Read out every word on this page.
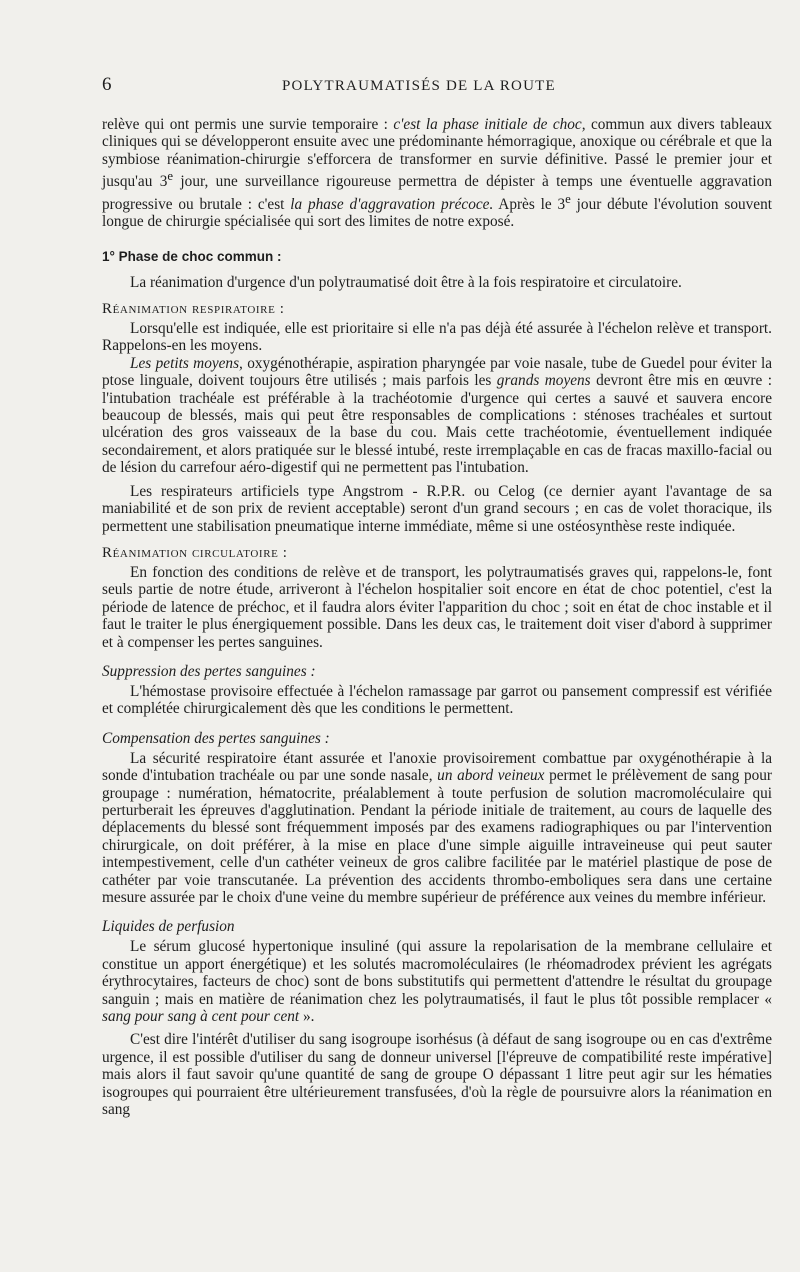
6	POLYTRAUMATISÉS DE LA ROUTE

relève qui ont permis une survie temporaire : c'est la phase initiale de choc, commun aux divers tableaux cliniques qui se développeront ensuite avec une prédominante hémorragique, anoxique ou cérébrale et que la symbiose réanimation-chirurgie s'efforcera de transformer en survie définitive. Passé le premier jour et jusqu'au 3e jour, une surveillance rigoureuse permettra de dépister à temps une éventuelle aggravation progressive ou brutale : c'est la phase d'aggravation précoce. Après le 3e jour débute l'évolution souvent longue de chirurgie spécialisée qui sort des limites de notre exposé.

1° Phase de choc commun :

La réanimation d'urgence d'un polytraumatisé doit être à la fois respiratoire et circulatoire.

Réanimation respiratoire :

Lorsqu'elle est indiquée, elle est prioritaire si elle n'a pas déjà été assurée à l'échelon relève et transport. Rappelons-en les moyens.

Les petits moyens, oxygénothérapie, aspiration pharyngée par voie nasale, tube de Guedel pour éviter la ptose linguale, doivent toujours être utilisés ; mais parfois les grands moyens devront être mis en œuvre : l'intubation trachéale est préférable à la trachéotomie d'urgence qui certes a sauvé et sauvera encore beaucoup de blessés, mais qui peut être responsables de complications : sténoses trachéales et surtout ulcération des gros vaisseaux de la base du cou. Mais cette trachéotomie, éventuellement indiquée secondairement, et alors pratiquée sur le blessé intubé, reste irremplaçable en cas de fracas maxillo-facial ou de lésion du carrefour aéro-digestif qui ne permettent pas l'intubation.

Les respirateurs artificiels type Angstrom - R.P.R. ou Celog (ce dernier ayant l'avantage de sa maniabilité et de son prix de revient acceptable) seront d'un grand secours ; en cas de volet thoracique, ils permettent une stabilisation pneumatique interne immédiate, même si une ostéosynthèse reste indiquée.

Réanimation circulatoire :

En fonction des conditions de relève et de transport, les polytraumatisés graves qui, rappelons-le, font seuls partie de notre étude, arriveront à l'échelon hospitalier soit encore en état de choc potentiel, c'est la période de latence de préchoc, et il faudra alors éviter l'apparition du choc ; soit en état de choc instable et il faut le traiter le plus énergiquement possible. Dans les deux cas, le traitement doit viser d'abord à supprimer et à compenser les pertes sanguines.

Suppression des pertes sanguines :

L'hémostase provisoire effectuée à l'échelon ramassage par garrot ou pansement compressif est vérifiée et complétée chirurgicalement dès que les conditions le permettent.

Compensation des pertes sanguines :

La sécurité respiratoire étant assurée et l'anoxie provisoirement combattue par oxygénothérapie à la sonde d'intubation trachéale ou par une sonde nasale, un abord veineux permet le prélèvement de sang pour groupage : numération, hématocrite, préalablement à toute perfusion de solution macromoléculaire qui perturberait les épreuves d'agglutination. Pendant la période initiale de traitement, au cours de laquelle des déplacements du blessé sont fréquemment imposés par des examens radiographiques ou par l'intervention chirurgicale, on doit préférer, à la mise en place d'une simple aiguille intraveineuse qui peut sauter intempestivement, celle d'un cathéter veineux de gros calibre facilitée par le matériel plastique de pose de cathéter par voie transcutanée. La prévention des accidents thrombo-emboliques sera dans une certaine mesure assurée par le choix d'une veine du membre supérieur de préférence aux veines du membre inférieur.

Liquides de perfusion

Le sérum glucosé hypertonique insuliné (qui assure la repolarisation de la membrane cellulaire et constitue un apport énergétique) et les solutés macromoléculaires (le rhéomadrodex prévient les agrégats érythrocytaires, facteurs de choc) sont de bons substitutifs qui permettent d'attendre le résultat du groupage sanguin ; mais en matière de réanimation chez les polytraumatisés, il faut le plus tôt possible remplacer « sang pour sang à cent pour cent ».

C'est dire l'intérêt d'utiliser du sang isogroupe isorhésus (à défaut de sang isogroupe ou en cas d'extrême urgence, il est possible d'utiliser du sang de donneur universel [l'épreuve de compatibilité reste impérative] mais alors il faut savoir qu'une quantité de sang de groupe O dépassant 1 litre peut agir sur les hématies isogroupes qui pourraient être ultérieurement transfusées, d'où la règle de poursuivre alors la réanimation en sang
